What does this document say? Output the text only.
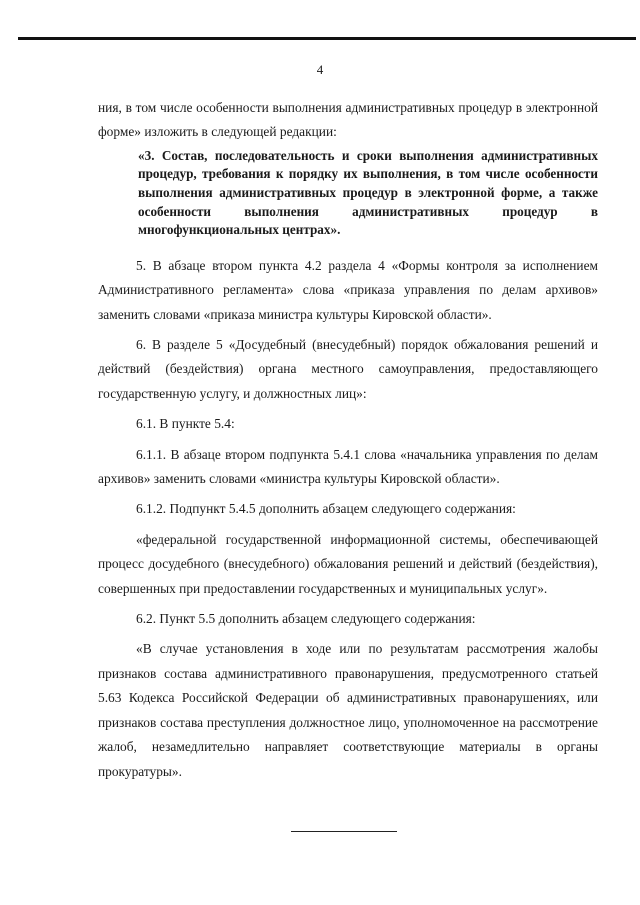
4

ния, в том числе особенности выполнения административных процедур в электронной форме» изложить в следующей редакции:

«3. Состав, последовательность и сроки выполнения административных процедур, требования к порядку их выполнения, в том числе особенности выполнения административных процедур в электронной форме, а также особенности выполнения административных процедур в многофункциональных центрах».

5. В абзаце втором пункта 4.2 раздела 4 «Формы контроля за исполнением Административного регламента» слова «приказа управления по делам архивов» заменить словами «приказа министра культуры Кировской области».

6. В разделе 5 «Досудебный (внесудебный) порядок обжалования решений и действий (бездействия) органа местного самоуправления, предоставляющего государственную услугу, и должностных лиц»:

6.1. В пункте 5.4:

6.1.1. В абзаце втором подпункта 5.4.1 слова «начальника управления по делам архивов» заменить словами «министра культуры Кировской области».

6.1.2. Подпункт 5.4.5 дополнить абзацем следующего содержания:

«федеральной государственной информационной системы, обеспечивающей процесс досудебного (внесудебного) обжалования решений и действий (бездействия), совершенных при предоставлении государственных и муниципальных услуг».

6.2. Пункт 5.5 дополнить абзацем следующего содержания:

«В случае установления в ходе или по результатам рассмотрения жалобы признаков состава административного правонарушения, предусмотренного статьей 5.63 Кодекса Российской Федерации об административных правонарушениях, или признаков состава преступления должностное лицо, уполномоченное на рассмотрение жалоб, незамедлительно направляет соответствующие материалы в органы прокуратуры».
